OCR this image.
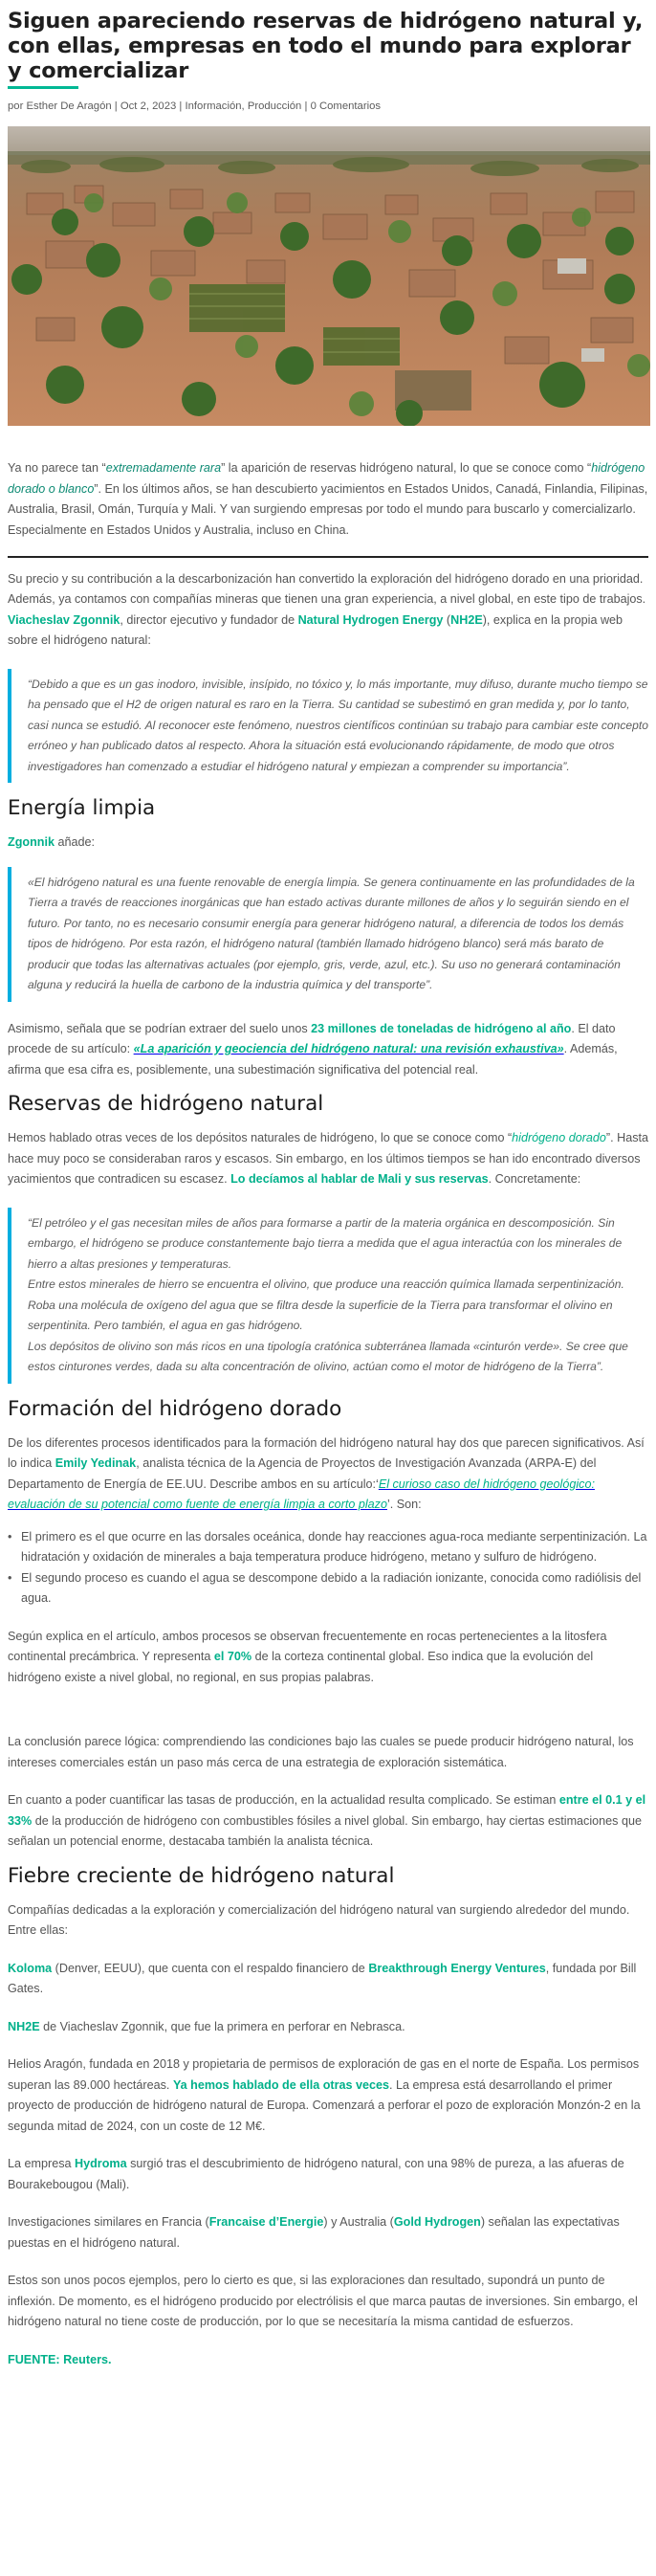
Siguen apareciendo reservas de hidrógeno natural y, con ellas, empresas en todo el mundo para explorar y comercializar
por Esther De Aragón | Oct 2, 2023 | Información, Producción | 0 Comentarios

Ya no parece tan “extremadamente rara” la aparición de reservas hidrógeno natural, lo que se conoce como “hidrógeno dorado o blanco”. En los últimos años, se han descubierto yacimientos en Estados Unidos, Canadá, Finlandia, Filipinas, Australia, Brasil, Omán, Turquía y Mali. Y van surgiendo empresas por todo el mundo para buscarlo y comercializarlo. Especialmente en Estados Unidos y Australia, incluso en China.

Su precio y su contribución a la descarbonización han convertido la exploración del hidrógeno dorado en una prioridad. Además, ya contamos con compañías mineras que tienen una gran experiencia, a nivel global, en este tipo de trabajos. Viacheslav Zgonnik, director ejecutivo y fundador de Natural Hydrogen Energy (NH2E), explica en la propia web sobre el hidrógeno natural:

“Debido a que es un gas inodoro, invisible, insípido, no tóxico y, lo más importante, muy difuso, durante mucho tiempo se ha pensado que el H2 de origen natural es raro en la Tierra. Su cantidad se subestimó en gran medida y, por lo tanto, casi nunca se estudió. Al reconocer este fenómeno, nuestros científicos continúan su trabajo para cambiar este concepto erróneo y han publicado datos al respecto. Ahora la situación está evolucionando rápidamente, de modo que otros investigadores han comenzado a estudiar el hidrógeno natural y empiezan a comprender su importancia”.
Energía limpia

Zgonnik añade:

«El hidrógeno natural es una fuente renovable de energía limpia. Se genera continuamente en las profundidades de la Tierra a través de reacciones inorgánicas que han estado activas durante millones de años y lo seguirán siendo en el futuro. Por tanto, no es necesario consumir energía para generar hidrógeno natural, a diferencia de todos los demás tipos de hidrógeno. Por esta razón, el hidrógeno natural (también llamado hidrógeno blanco) será más barato de producir que todas las alternativas actuales (por ejemplo, gris, verde, azul, etc.). Su uso no generará contaminación alguna y reducirá la huella de carbono de la industria química y del transporte”.

Asimismo, señala que se podrían extraer del suelo unos 23 millones de toneladas de hidrógeno al año. El dato procede de su artículo: «La aparición y geociencia del hidrógeno natural: una revisión exhaustiva». Además, afirma que esa cifra es, posiblemente, una subestimación significativa del potencial real.

Reservas de hidrógeno natural

Hemos hablado otras veces de los depósitos naturales de hidrógeno, lo que se conoce como “hidrógeno dorado”. Hasta hace muy poco se consideraban raros y escasos. Sin embargo, en los últimos tiempos se han ido encontrado diversos yacimientos que contradicen su escasez. Lo decíamos al hablar de Mali y sus reservas. Concretamente:

“El petróleo y el gas necesitan miles de años para formarse a partir de la materia orgánica en descomposición. Sin embargo, el hidrógeno se produce constantemente bajo tierra a medida que el agua interactúa con los minerales de hierro a altas presiones y temperaturas.

Entre estos minerales de hierro se encuentra el olivino, que produce una reacción química llamada serpentinización. Roba una molécula de oxígeno del agua que se filtra desde la superficie de la Tierra para transformar el olivino en serpentinita. Pero también, el agua en gas hidrógeno.

Los depósitos de olivino son más ricos en una tipología cratónica subterránea llamada «cinturón verde». Se cree que estos cinturones verdes, dada su alta concentración de olivino, actúan como el motor de hidrógeno de la Tierra”.

Formación del hidrógeno dorado

De los diferentes procesos identificados para la formación del hidrógeno natural hay dos que parecen significativos. Así lo indica Emily Yedinak, analista técnica de la Agencia de Proyectos de Investigación Avanzada (ARPA-E) del Departamento de Energía de EE.UU. Describe ambos en su artículo:‘El curioso caso del hidrógeno geológico: evaluación de su potencial como fuente de energía limpia a corto plazo’. Son:

• El primero es el que ocurre en las dorsales oceánica, donde hay reacciones agua-roca mediante serpentinización. La hidratación y oxidación de minerales a baja temperatura produce hidrógeno, metano y sulfuro de hidrógeno.
• El segundo proceso es cuando el agua se descompone debido a la radiación ionizante, conocida como radiólisis del agua.

Según explica en el artículo, ambos procesos se observan frecuentemente en rocas pertenecientes a la litosfera continental precámbrica. Y representa el 70% de la corteza continental global. Eso indica que la evolución del hidrógeno existe a nivel global, no regional, en sus propias palabras.

La conclusión parece lógica: comprendiendo las condiciones bajo las cuales se puede producir hidrógeno natural, los intereses comerciales están un paso más cerca de una estrategia de exploración sistemática.

En cuanto a poder cuantificar las tasas de producción, en la actualidad resulta complicado. Se estiman entre el 0.1 y el 33% de la producción de hidrógeno con combustibles fósiles a nivel global. Sin embargo, hay ciertas estimaciones que señalan un potencial enorme, destacaba también la analista técnica.

Fiebre creciente de hidrógeno natural

Compañías dedicadas a la exploración y comercialización del hidrógeno natural van surgiendo alrededor del mundo. Entre ellas:

Koloma (Denver, EEUU), que cuenta con el respaldo financiero de Breakthrough Energy Ventures, fundada por Bill Gates.

NH2E de Viacheslav Zgonnik, que fue la primera en perforar en Nebrasca.

Helios Aragón, fundada en 2018 y propietaria de permisos de exploración de gas en el norte de España. Los permisos superan las 89.000 hectáreas. Ya hemos hablado de ella otras veces. La empresa está desarrollando el primer proyecto de producción de hidrógeno natural de Europa. Comenzará a perforar el pozo de exploración Monzón-2 en la segunda mitad de 2024, con un coste de 12 M€.

La empresa Hydroma surgió tras el descubrimiento de hidrógeno natural, con una 98% de pureza, a las afueras de Bourakebougou (Mali).

Investigaciones similares en Francia (Francaise d’Energie) y Australia (Gold Hydrogen) señalan las expectativas puestas en el hidrógeno natural.

Estos son unos pocos ejemplos, pero lo cierto es que, si las exploraciones dan resultado, supondrá un punto de inflexión. De momento, es el hidrógeno producido por electrólisis el que marca pautas de inversiones. Sin embargo, el hidrógeno natural no tiene coste de producción, por lo que se necesitaría la misma cantidad de esfuerzos.

FUENTE: Reuters.
